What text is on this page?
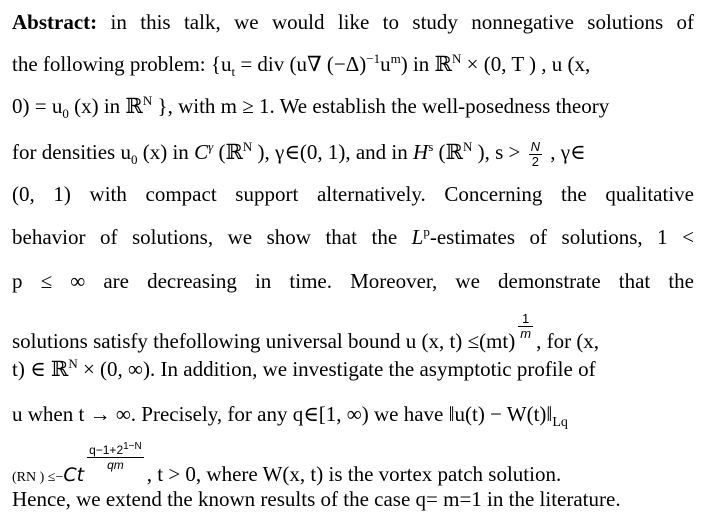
Abstract: in this talk, we would like to study nonnegative solutions of
the following problem: {$u_t$ = div (u∇ $(-\Delta)^{-1}u^m$) in ℝ$^N$ × (0, T ) , u (x,
$0) = u_0$ (x) in ℝ$^N$ }, with m ≥ 1. We establish the well-posedness theory
for densities $u_0$ (x) in $C^\gamma$ (ℝ$^N$ ), γ∈(0, 1), and in $H^s$ (ℝ$^N$ ), $s > \frac{N}{2}$ , γ∈
(0, 1) with compact support alternatively. Concerning the qualitative
behavior of solutions, we show that the $L^p$-estimates of solutions, 1 <
p ≤ ∞ are decreasing in time. Moreover, we demonstrate that the
solutions satisfy thefollowing universal bound u (x, t) ≤(mt) $^{\frac{1}{m}}$ , for (x,
t) ∈ ℝ$^N$ × (0, ∞). In addition, we investigate the asymptotic profile of
u when t → ∞. Precisely, for any q∈[1, ∞) we have ‖u(t) − $W(t)‖_{Lq}$
(RN ) ≤−Ct
$^{\frac{q-1+2^{1-N}}{qm}}$
, t > 0, where W(x, t) is the vortex patch solution.
Hence, we extend the known results of the case q= m=1 in the literature.
